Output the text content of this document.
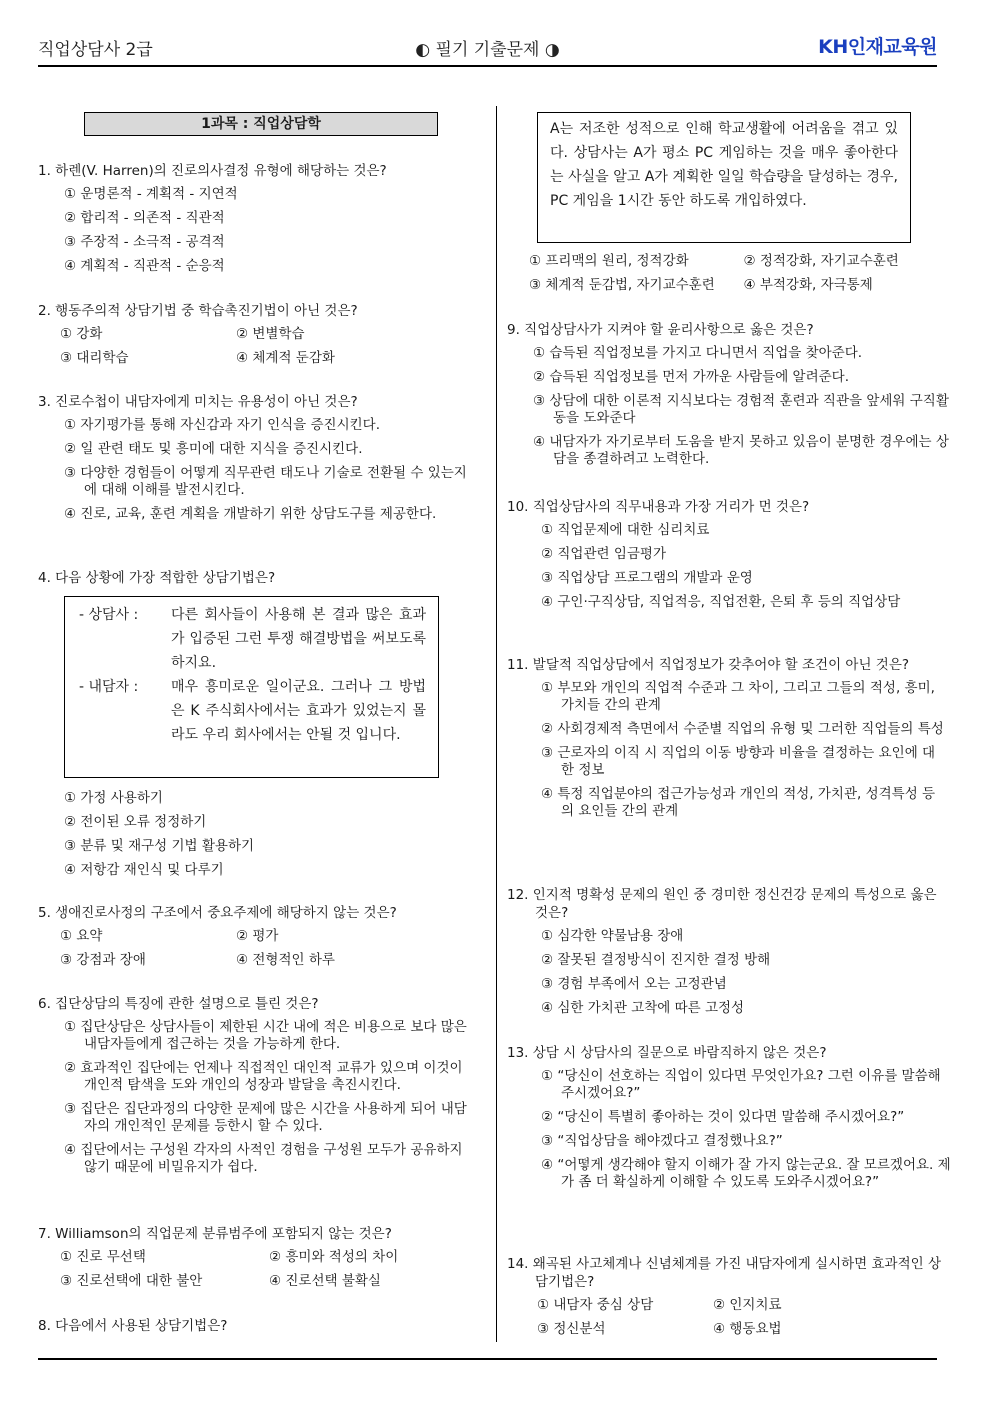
직업상담사 2급	◐ 필기 기출문제 ◑	KH인재교육원
1과목 : 직업상담학
1. 하렌(V. Harren)의 진로의사결정 유형에 해당하는 것은?
① 운명론적 - 계획적 - 지연적
② 합리적 - 의존적 - 직관적
③ 주장적 - 소극적 - 공격적
④ 계획적 - 직관적 - 순응적
2. 행동주의적 상담기법 중 학습촉진기법이 아닌 것은?
① 강화	② 변별학습
③ 대리학습	④ 체계적 둔감화
3. 진로수첩이 내담자에게 미치는 유용성이 아닌 것은?
① 자기평가를 통해 자신감과 자기 인식을 증진시킨다.
② 일 관련 태도 및 흥미에 대한 지식을 증진시킨다.
③ 다양한 경험들이 어떻게 직무관련 태도나 기술로 전환될 수 있는지에 대해 이해를 발전시킨다.
④ 진로, 교육, 훈련 계획을 개발하기 위한 상담도구를 제공한다.
4. 다음 상황에 가장 적합한 상담기법은?
- 상담사 :	다른 회사들이 사용해 본 결과 많은 효과가 입증된 그런 투쟁 해결방법을 써보도록 하지요.
- 내담자 :	매우 흥미로운 일이군요. 그러나 그 방법은 K 주식회사에서는 효과가 있었는지 몰라도 우리 회사에서는 안될 것 입니다.
① 가정 사용하기
② 전이된 오류 정정하기
③ 분류 및 재구성 기법 활용하기
④ 저항감 재인식 및 다루기
5. 생애진로사정의 구조에서 중요주제에 해당하지 않는 것은?
① 요약	② 평가
③ 강점과 장애	④ 전형적인 하루
6. 집단상담의 특징에 관한 설명으로 틀린 것은?
① 집단상담은 상담사들이 제한된 시간 내에 적은 비용으로 보다 많은 내담자들에게 접근하는 것을 가능하게 한다.
② 효과적인 집단에는 언제나 직접적인 대인적 교류가 있으며 이것이 개인적 탐색을 도와 개인의 성장과 발달을 촉진시킨다.
③ 집단은 집단과정의 다양한 문제에 많은 시간을 사용하게 되어 내담자의 개인적인 문제를 등한시 할 수 있다.
④ 집단에서는 구성원 각자의 사적인 경험을 구성원 모두가 공유하지 않기 때문에 비밀유지가 쉽다.
7. Williamson의 직업문제 분류범주에 포함되지 않는 것은?
① 진로 무선택	② 흥미와 적성의 차이
③ 진로선택에 대한 불안	④ 진로선택 불확실
8. 다음에서 사용된 상담기법은?
A는 저조한 성적으로 인해 학교생활에 어려움을 겪고 있다. 상담사는 A가 평소 PC 게임하는 것을 매우 좋아한다는 사실을 알고 A가 계획한 일일 학습량을 달성하는 경우, PC 게임을 1시간 동안 하도록 개입하였다.
① 프리맥의 원리, 정적강화	② 정적강화, 자기교수훈련
③ 체계적 둔감법, 자기교수훈련	④ 부적강화, 자극통제
9. 직업상담사가 지켜야 할 윤리사항으로 옳은 것은?
① 습득된 직업정보를 가지고 다니면서 직업을 찾아준다.
② 습득된 직업정보를 먼저 가까운 사람들에 알려준다.
③ 상담에 대한 이론적 지식보다는 경험적 훈련과 직관을 앞세워 구직활동을 도와준다
④ 내담자가 자기로부터 도움을 받지 못하고 있음이 분명한 경우에는 상담을 종결하려고 노력한다.
10. 직업상담사의 직무내용과 가장 거리가 먼 것은?
① 직업문제에 대한 심리치료
② 직업관련 임금평가
③ 직업상담 프로그램의 개발과 운영
④ 구인·구직상담, 직업적응, 직업전환, 은퇴 후 등의 직업상담
11. 발달적 직업상담에서 직업정보가 갖추어야 할 조건이 아닌 것은?
① 부모와 개인의 직업적 수준과 그 차이, 그리고 그들의 적성, 흥미, 가치들 간의 관계
② 사회경제적 측면에서 수준별 직업의 유형 및 그러한 직업들의 특성
③ 근로자의 이직 시 직업의 이동 방향과 비율을 결정하는 요인에 대한 정보
④ 특정 직업분야의 접근가능성과 개인의 적성, 가치관, 성격특성 등의 요인들 간의 관계
12. 인지적 명확성 문제의 원인 중 경미한 정신건강 문제의 특성으로 옳은 것은?
① 심각한 약물남용 장애
② 잘못된 결정방식이 진지한 결정 방해
③ 경험 부족에서 오는 고정관념
④ 심한 가치관 고착에 따른 고정성
13. 상담 시 상담사의 질문으로 바람직하지 않은 것은?
① “당신이 선호하는 직업이 있다면 무엇인가요? 그런 이유를 말씀해 주시겠어요?”
② “당신이 특별히 좋아하는 것이 있다면 말씀해 주시겠어요?”
③ “직업상담을 해야겠다고 결정했나요?”
④ “어떻게 생각해야 할지 이해가 잘 가지 않는군요. 잘 모르겠어요. 제가 좀 더 확실하게 이해할 수 있도록 도와주시겠어요?”
14. 왜곡된 사고체계나 신념체계를 가진 내담자에게 실시하면 효과적인 상담기법은?
① 내담자 중심 상담	② 인지치료
③ 정신분석	④ 행동요법
